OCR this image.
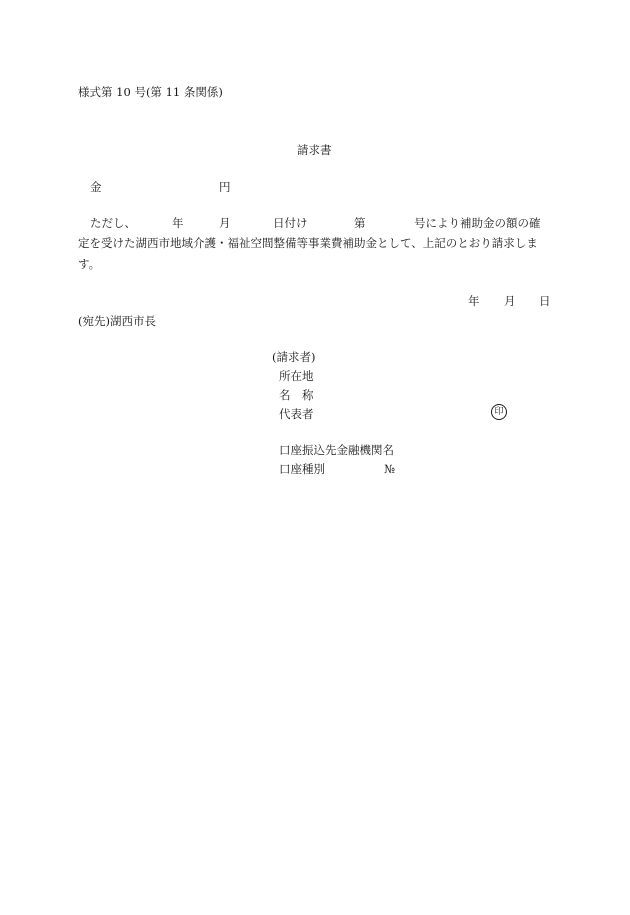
様式第 10 号(第 11 条関係)
請求書
金	円
ただし、	年	月	日付け	第	号により補助金の額の確
定を受けた湖西市地域介護・福祉空間整備等事業費補助金として、上記のとおり請求しま
す。
年 月 日
(宛先)湖西市長
(請求者)
所在地
名　称
代表者	印
口座振込先金融機関名
口座種別	№
